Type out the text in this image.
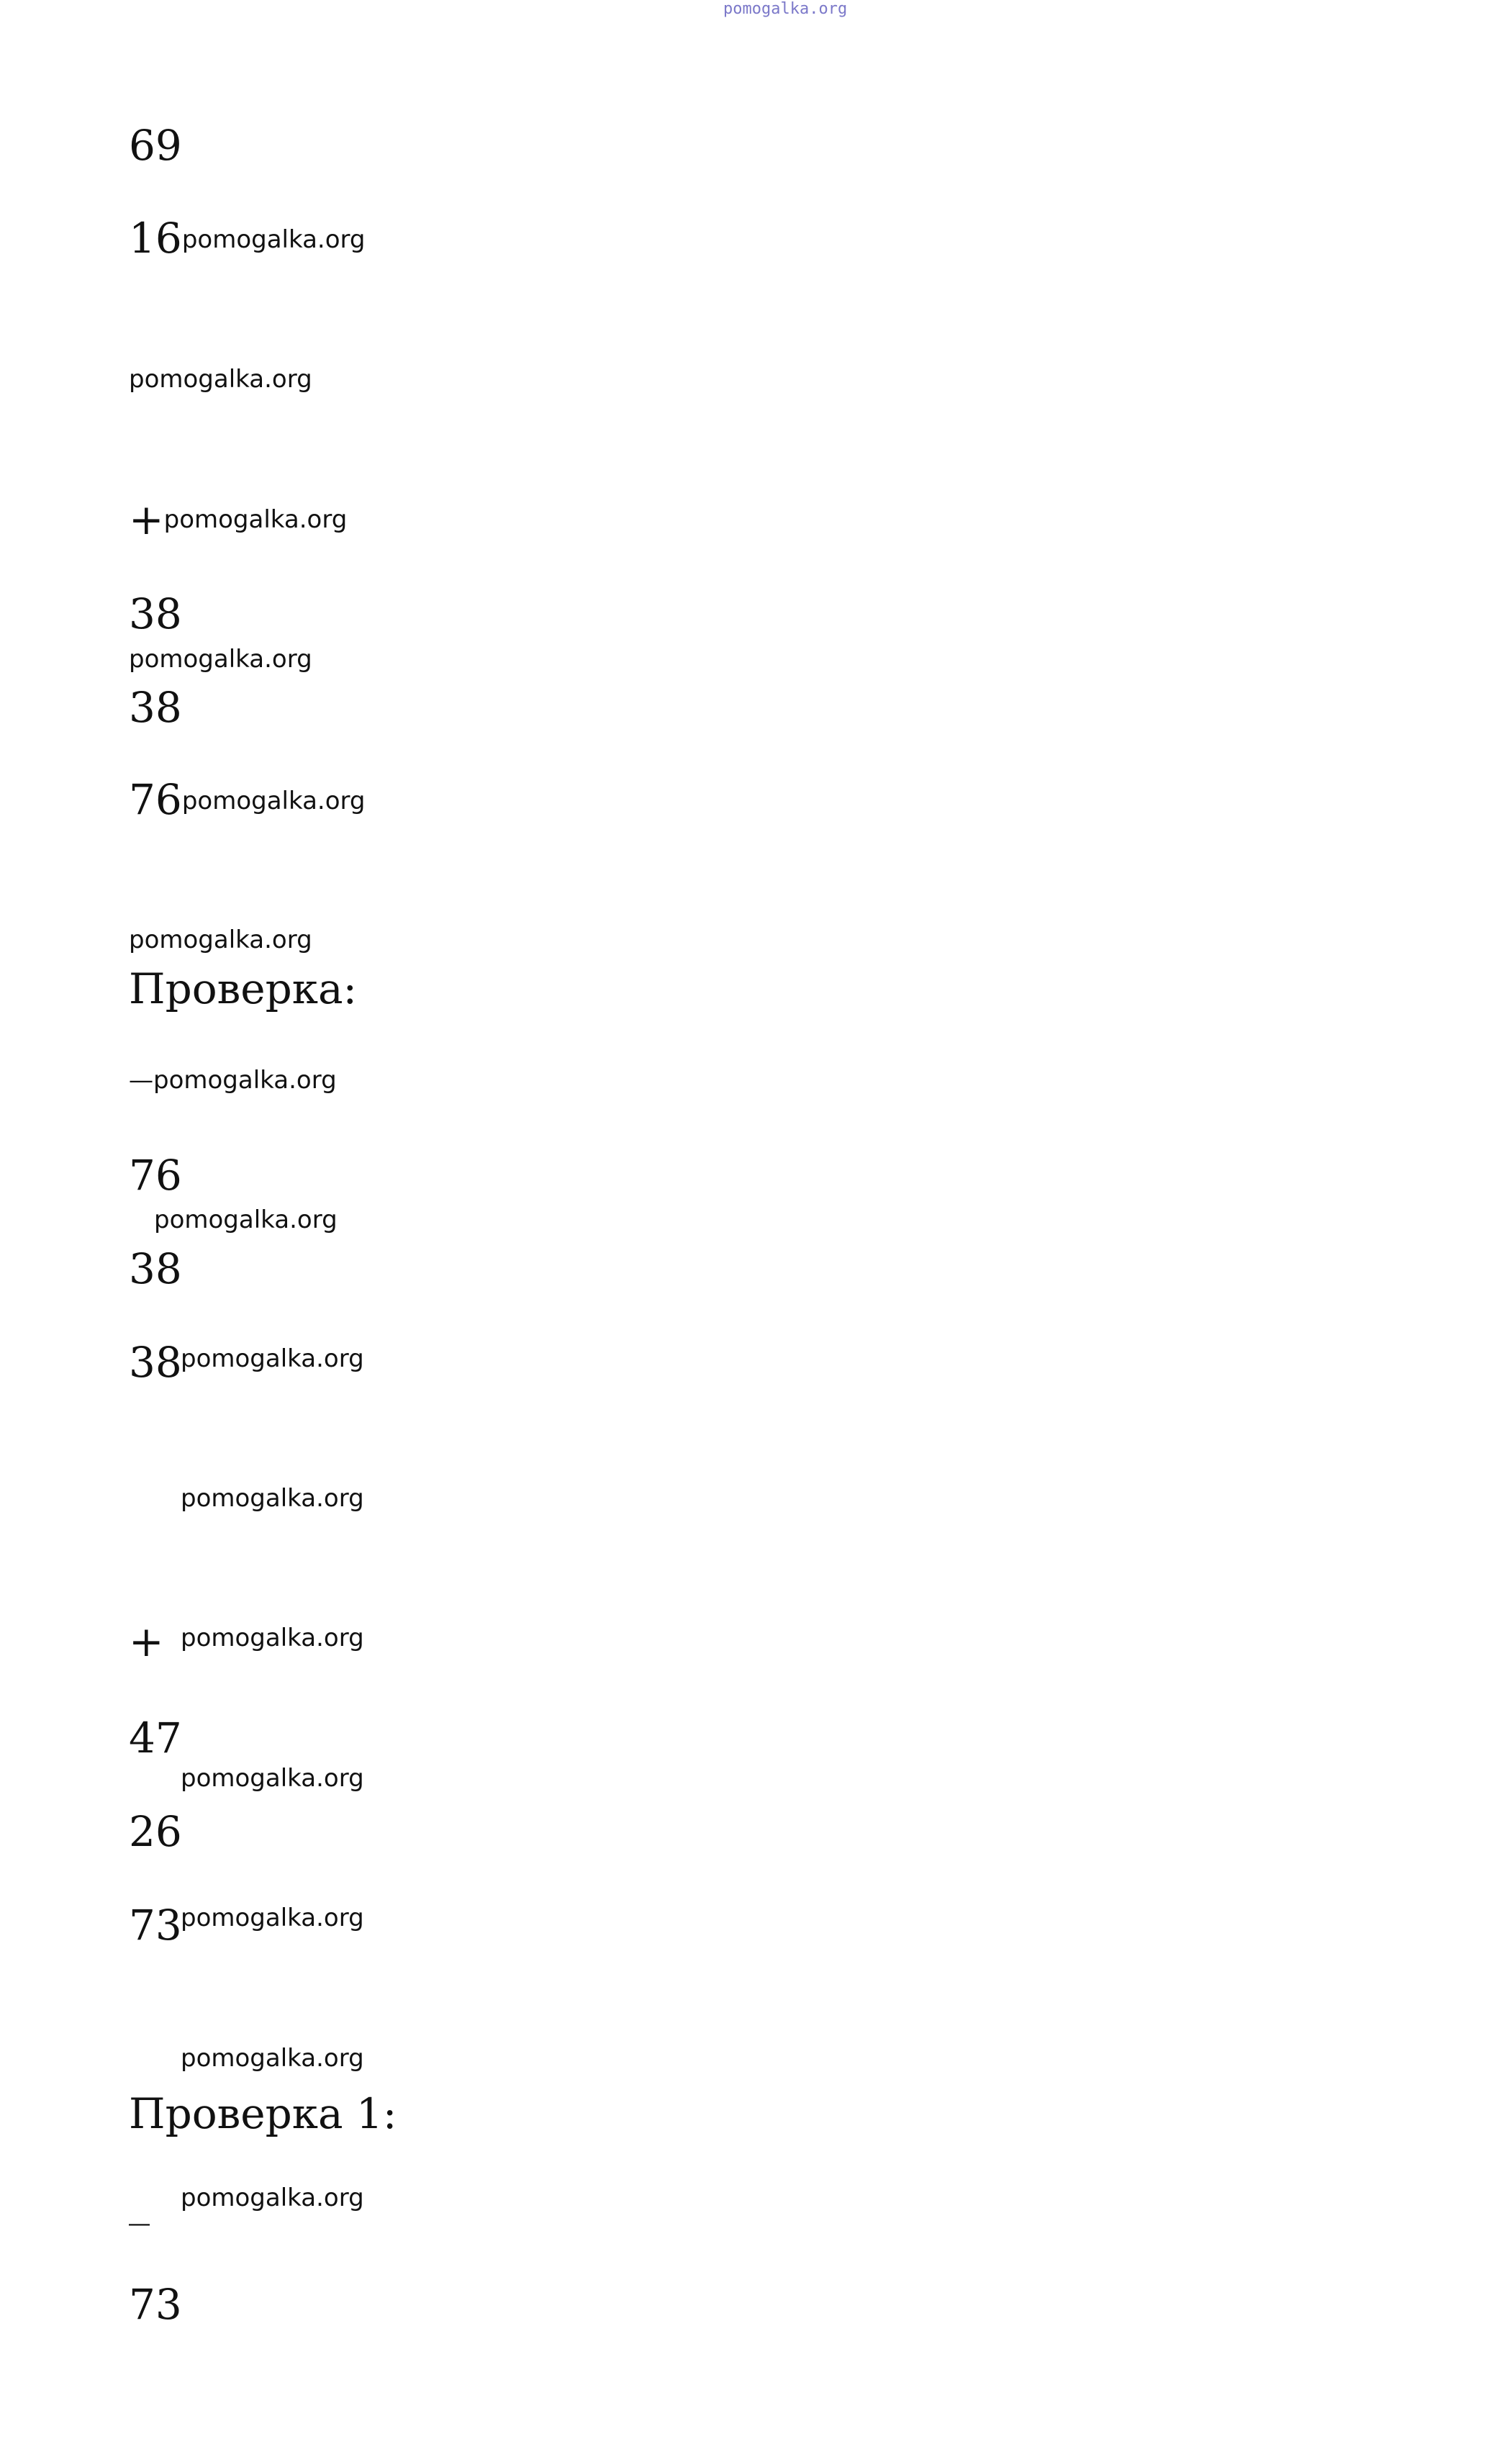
pomogalka.org
69
16pomogalka.org
pomogalka.org
+pomogalka.org
38
pomogalka.org
38
76pomogalka.org
pomogalka.org
Проверка:
—pomogalka.org
76
pomogalka.org
38
38
pomogalka.org
pomogalka.org
+ pomogalka.org
47
pomogalka.org
26
73
pomogalka.org
pomogalka.org
Проверка 1:
_ pomogalka.org
73
